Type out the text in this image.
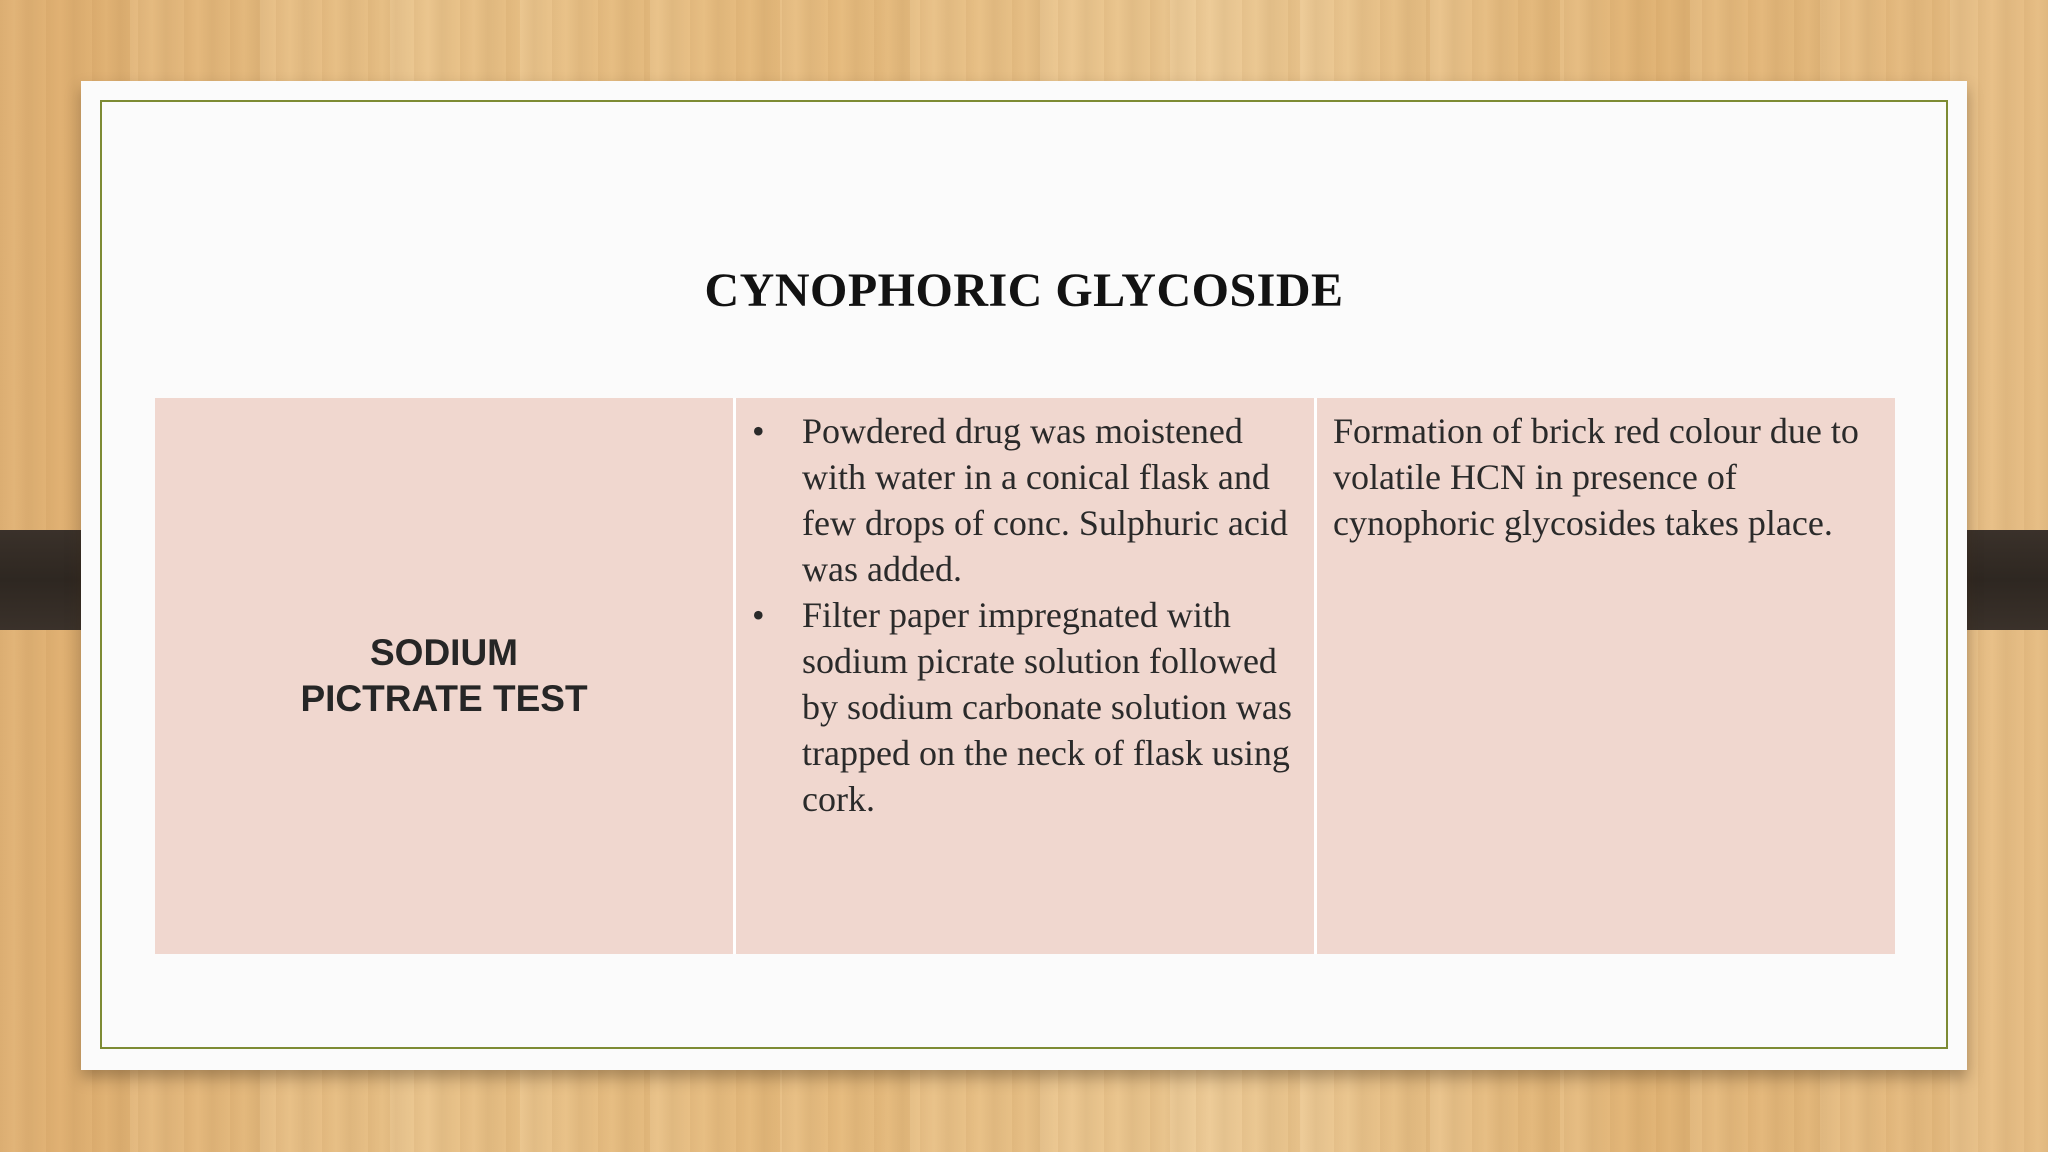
CYNOPHORIC GLYCOSIDE
SODIUM PICTRATE TEST
• Powdered drug was moistened with water in a conical flask and few drops of conc. Sulphuric acid was added.
• Filter paper impregnated with sodium picrate solution followed by sodium carbonate solution was trapped on the neck of flask using cork.
Formation of brick red colour due to volatile HCN in presence of cynophoric glycosides takes place.
